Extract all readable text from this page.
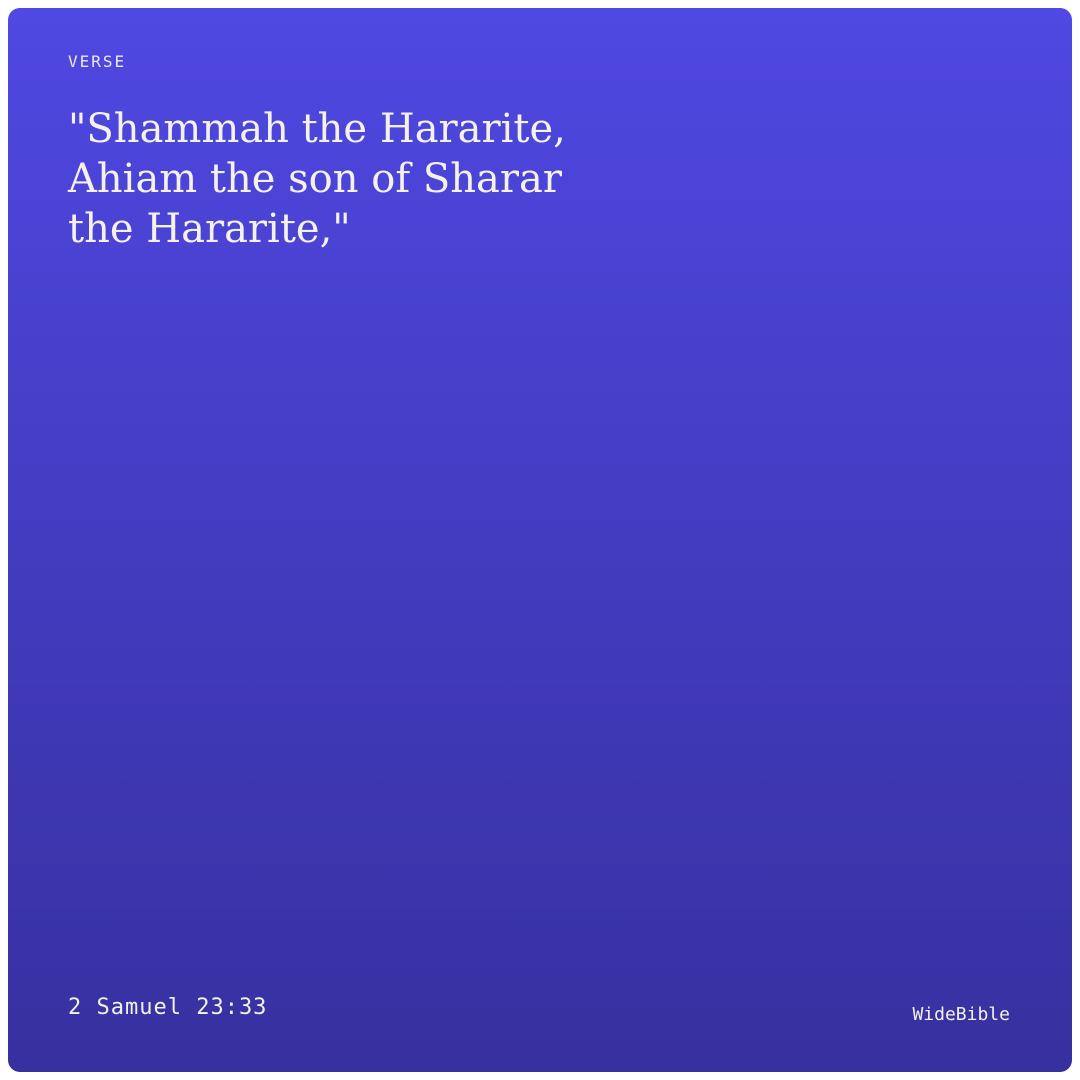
VERSE
"Shammah the Hararite,
Ahiam the son of Sharar
the Hararite,"
2 Samuel 23:33	WideBible
